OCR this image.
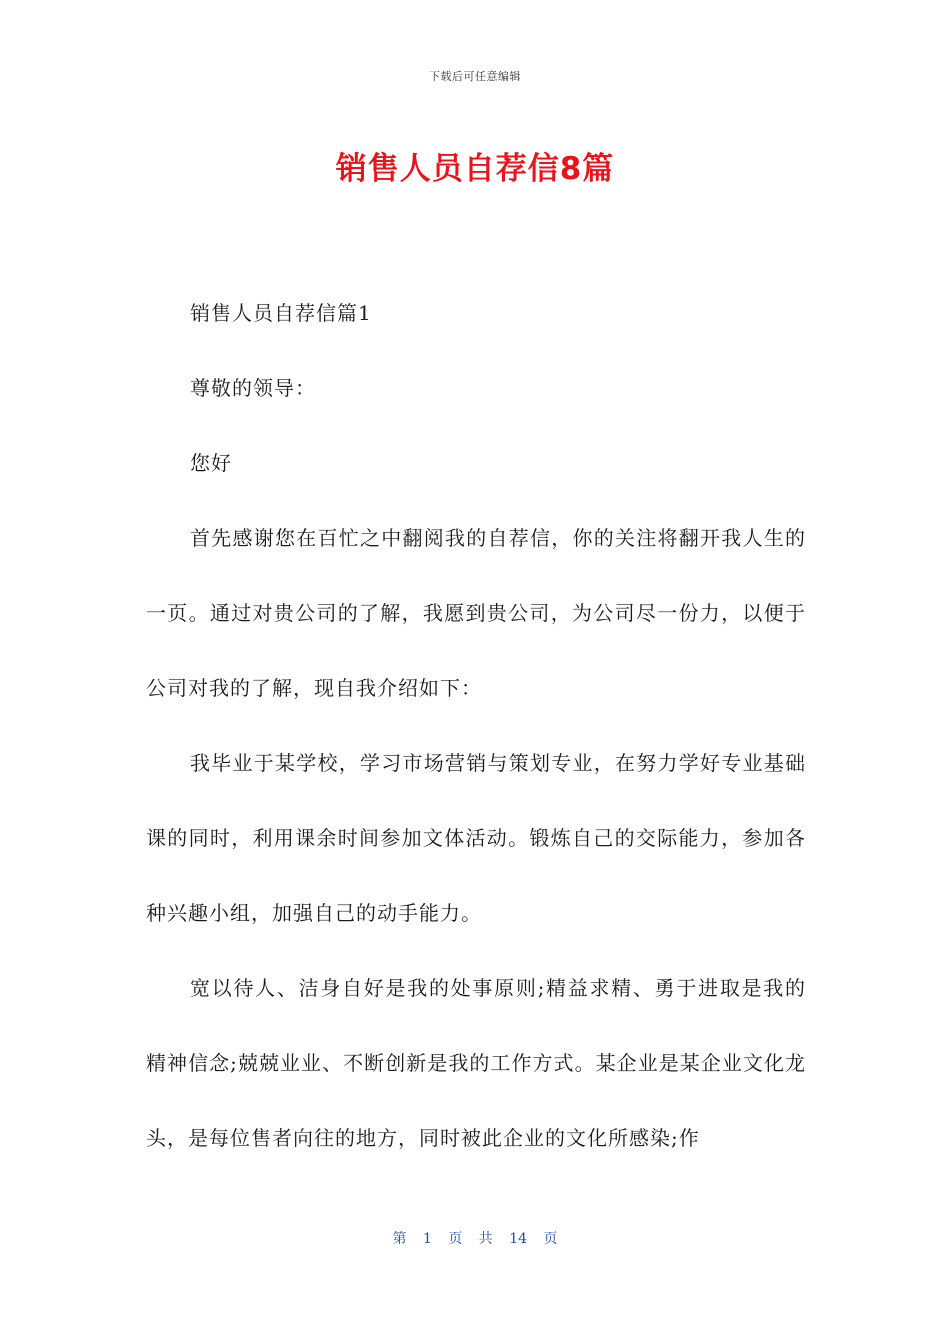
下载后可任意编辑
销售人员自荐信8篇

销售人员自荐信篇1

尊敬的领导：

您好

首先感谢您在百忙之中翻阅我的自荐信，你的关注将翻开我人生的一页。通过对贵公司的了解，我愿到贵公司，为公司尽一份力，以便于公司对我的了解，现自我介绍如下：

我毕业于某学校，学习市场营销与策划专业，在努力学好专业基础课的同时，利用课余时间参加文体活动。锻炼自己的交际能力，参加各种兴趣小组，加强自己的动手能力。

宽以待人、洁身自好是我的处事原则;精益求精、勇于进取是我的精神信念;兢兢业业、不断创新是我的工作方式。某企业是某企业文化龙头，是每位售者向往的地方，同时被此企业的文化所感染;作

第 1 页 共 14 页
